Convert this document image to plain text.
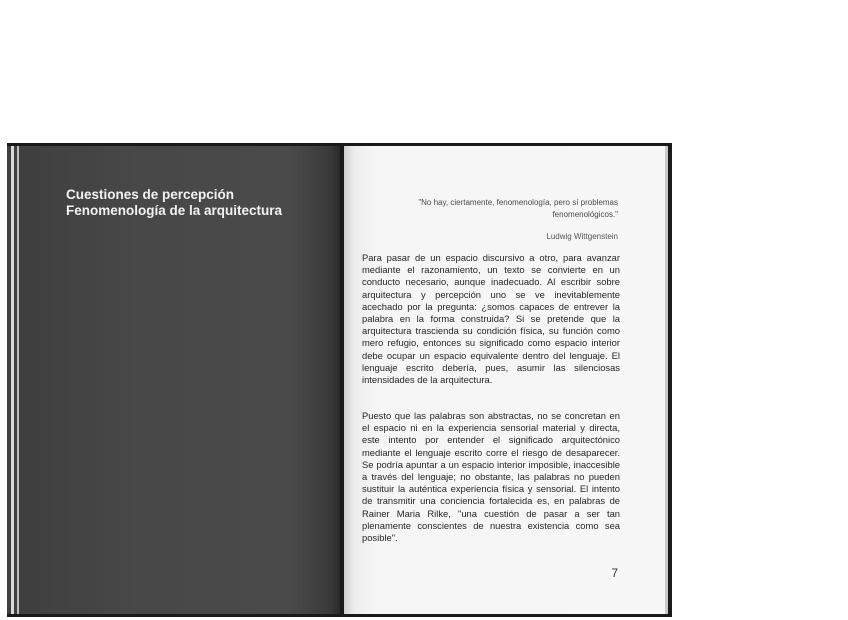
Cuestiones de percepción
Fenomenología de la arquitectura

"No hay, ciertamente, fenomenología, pero sí problemas fenomenológicos."

Ludwig Wittgenstein

Para pasar de un espacio discursivo a otro, para avanzar mediante el razonamiento, un texto se convierte en un conducto necesario, aunque inadecuado. Al escribir sobre arquitectura y percepción uno se ve inevitablemente acechado por la pregunta: ¿somos capaces de entrever la palabra en la forma construida? Si se pretende que la arquitectura trascienda su condición física, su función como mero refugio, entonces su significado como espacio interior debe ocupar un espacio equivalente dentro del lenguaje. El lenguaje escrito debería, pues, asumir las silenciosas intensidades de la arquitectura.

Puesto que las palabras son abstractas, no se concretan en el espacio ni en la experiencia sensorial material y directa, este intento por entender el significado arquitectónico mediante el lenguaje escrito corre el riesgo de desaparecer. Se podría apuntar a un espacio interior imposible, inaccesible a través del lenguaje; no obstante, las palabras no pueden sustituir la auténtica experiencia física y sensorial. El intento de transmitir una conciencia fortalecida es, en palabras de Rainer Maria Rilke, "una cuestión de pasar a ser tan plenamente conscientes de nuestra existencia como sea posible".

7
